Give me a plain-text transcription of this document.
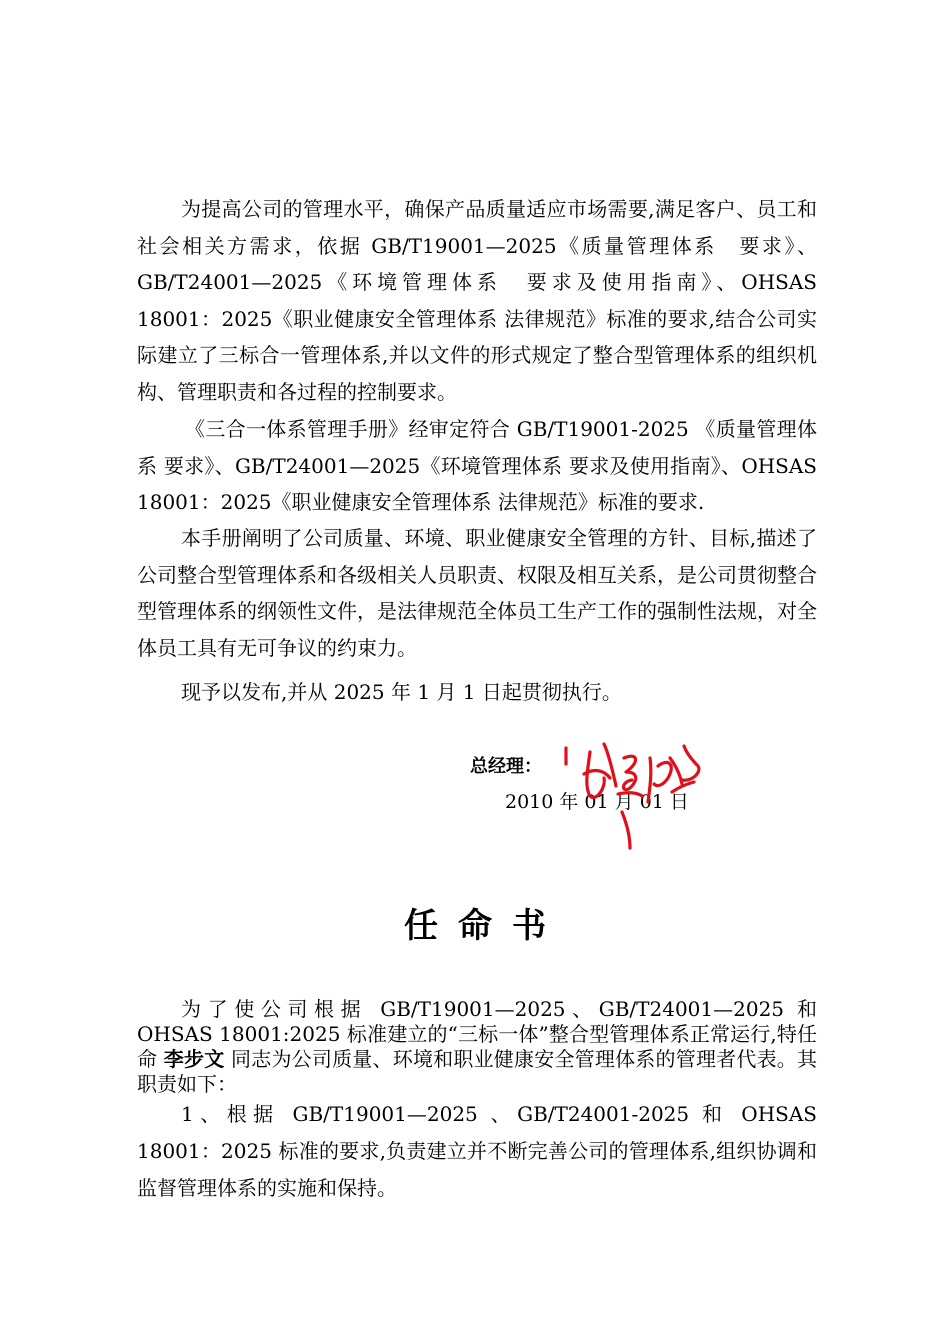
为提高公司的管理水平，确保产品质量适应市场需要,满足客户、员工和社会相关方需求，依据 GB/T19001—2025《质量管理体系　要求》、GB/T24001—2025《环境管理体系　要求及使用指南》、OHSAS 18001：2025《职业健康安全管理体系 法律规范》标准的要求,结合公司实际建立了三标合一管理体系,并以文件的形式规定了整合型管理体系的组织机构、管理职责和各过程的控制要求。

《三合一体系管理手册》经审定符合 GB/T19001-2025 《质量管理体系 要求》、GB/T24001—2025《环境管理体系 要求及使用指南》、OHSAS 18001：2025《职业健康安全管理体系 法律规范》标准的要求.

本手册阐明了公司质量、环境、职业健康安全管理的方针、目标,描述了公司整合型管理体系和各级相关人员职责、权限及相互关系，是公司贯彻整合型管理体系的纲领性文件，是法律规范全体员工生产工作的强制性法规，对全体员工具有无可争议的约束力。

现予以发布,并从 2025 年 1 月 1 日起贯彻执行。

总经理：
2010 年 01 月 01 日
任命书

为了使公司根据 GB/T19001—2025、GB/T24001—2025 和 OHSAS 18001:2025 标准建立的“三标一体”整合型管理体系正常运行,特任命 李步文 同志为公司质量、环境和职业健康安全管理体系的管理者代表。其职责如下：

1、根据 GB/T19001—2025 、GB/T24001-2025 和 OHSAS 18001：2025 标准的要求,负责建立并不断完善公司的管理体系,组织协调和监督管理体系的实施和保持。
